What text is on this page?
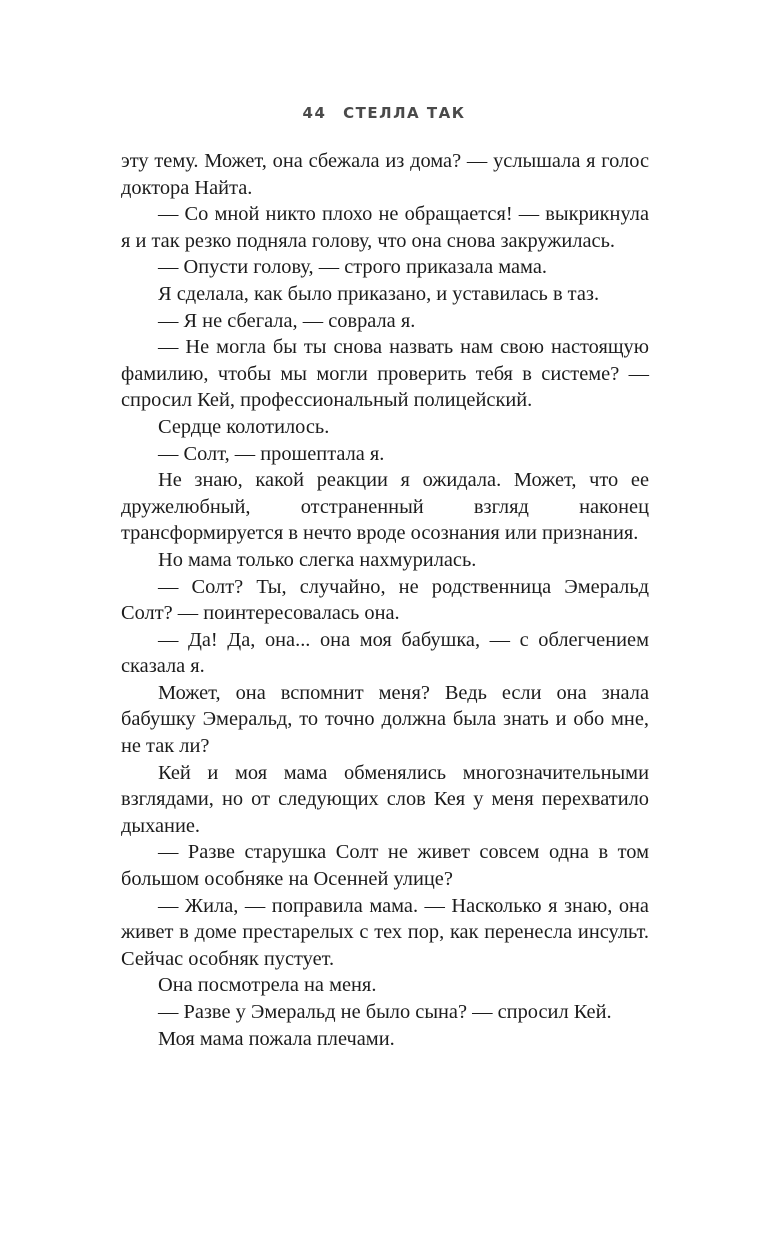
44 СТЕЛЛА ТАК

эту тему. Может, она сбежала из дома? — услышала я голос доктора Найта.

— Со мной никто плохо не обращается! — выкрикнула я и так резко подняла голову, что она снова закружилась.

— Опусти голову, — строго приказала мама.

Я сделала, как было приказано, и уставилась в таз.

— Я не сбегала, — соврала я.

— Не могла бы ты снова назвать нам свою настоящую фамилию, чтобы мы могли проверить тебя в системе? — спросил Кей, профессиональный полицейский.

Сердце колотилось.

— Солт, — прошептала я.

Не знаю, какой реакции я ожидала. Может, что ее дружелюбный, отстраненный взгляд наконец трансформируется в нечто вроде осознания или признания.

Но мама только слегка нахмурилась.

— Солт? Ты, случайно, не родственница Эмеральд Солт? — поинтересовалась она.

— Да! Да, она... она моя бабушка, — с облегчением сказала я.

Может, она вспомнит меня? Ведь если она знала бабушку Эмеральд, то точно должна была знать и обо мне, не так ли?

Кей и моя мама обменялись многозначительными взглядами, но от следующих слов Кея у меня перехватило дыхание.

— Разве старушка Солт не живет совсем одна в том большом особняке на Осенней улице?

— Жила, — поправила мама. — Насколько я знаю, она живет в доме престарелых с тех пор, как перенесла инсульт. Сейчас особняк пустует.

Она посмотрела на меня.

— Разве у Эмеральд не было сына? — спросил Кей.

Моя мама пожала плечами.
